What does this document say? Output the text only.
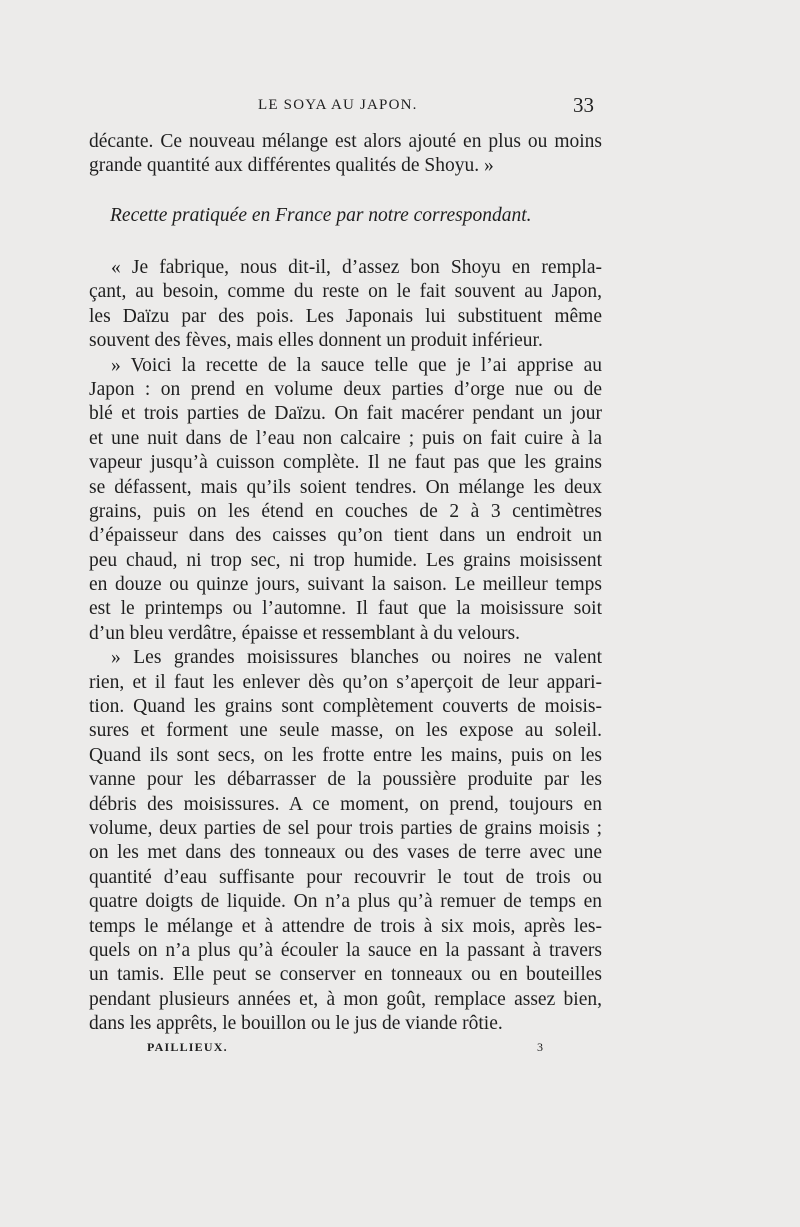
LE SOYA AU JAPON.	33
décante. Ce nouveau mélange est alors ajouté en plus ou moins
grande quantité aux différentes qualités de Shoyu. »
Recette pratiquée en France par notre correspondant.
« Je fabrique, nous dit-il, d’assez bon Shoyu en rempla-
çant, au besoin, comme du reste on le fait souvent au Japon,
les Daïzu par des pois. Les Japonais lui substituent même
souvent des fèves, mais elles donnent un produit inférieur.
» Voici la recette de la sauce telle que je l’ai apprise au
Japon : on prend en volume deux parties d’orge nue ou de
blé et trois parties de Daïzu. On fait macérer pendant un jour
et une nuit dans de l’eau non calcaire ; puis on fait cuire à la
vapeur jusqu’à cuisson complète. Il ne faut pas que les grains
se défassent, mais qu’ils soient tendres. On mélange les deux
grains, puis on les étend en couches de 2 à 3 centimètres
d’épaisseur dans des caisses qu’on tient dans un endroit un
peu chaud, ni trop sec, ni trop humide. Les grains moisissent
en douze ou quinze jours, suivant la saison. Le meilleur temps
est le printemps ou l’automne. Il faut que la moisissure soit
d’un bleu verdâtre, épaisse et ressemblant à du velours.
» Les grandes moisissures blanches ou noires ne valent
rien, et il faut les enlever dès qu’on s’aperçoit de leur appari-
tion. Quand les grains sont complètement couverts de moisis-
sures et forment une seule masse, on les expose au soleil.
Quand ils sont secs, on les frotte entre les mains, puis on les
vanne pour les débarrasser de la poussière produite par les
débris des moisissures. A ce moment, on prend, toujours en
volume, deux parties de sel pour trois parties de grains moisis ;
on les met dans des tonneaux ou des vases de terre avec une
quantité d’eau suffisante pour recouvrir le tout de trois ou
quatre doigts de liquide. On n’a plus qu’à remuer de temps en
temps le mélange et à attendre de trois à six mois, après les-
quels on n’a plus qu’à écouler la sauce en la passant à travers
un tamis. Elle peut se conserver en tonneaux ou en bouteilles
pendant plusieurs années et, à mon goût, remplace assez bien,
dans les apprêts, le bouillon ou le jus de viande rôtie.
PAILLIEUX.	3
